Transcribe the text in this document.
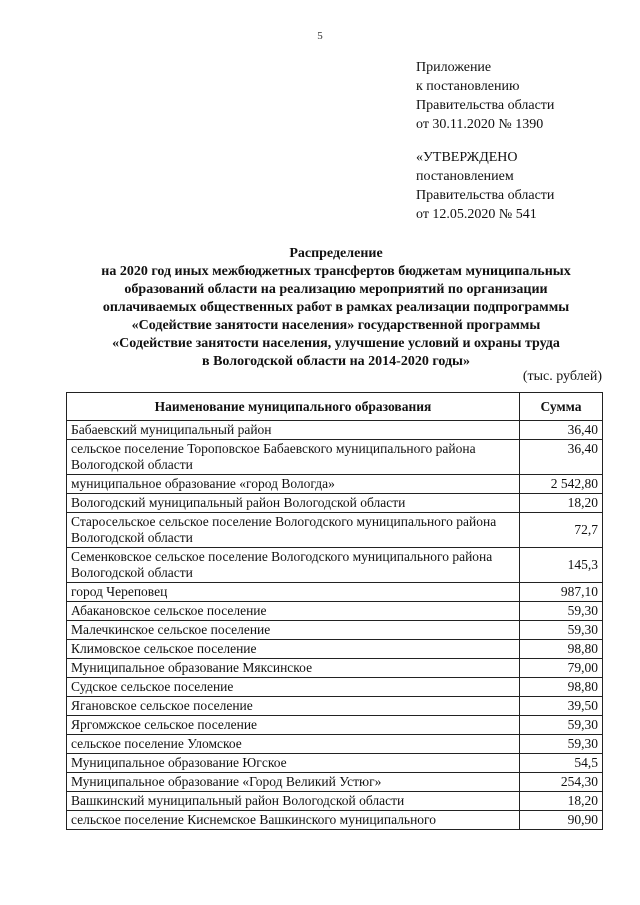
5
Приложение
к постановлению
Правительства области
от 30.11.2020 № 1390
«УТВЕРЖДЕНО
постановлением
Правительства области
от 12.05.2020 № 541
Распределение
на 2020 год иных межбюджетных трансфертов бюджетам муниципальных
образований области на реализацию мероприятий по организации
оплачиваемых общественных работ в рамках реализации подпрограммы
«Содействие занятости населения» государственной программы
«Содействие занятости населения, улучшение условий и охраны труда
в Вологодской области на 2014-2020 годы»
(тыс. рублей)
Наименование муниципального образования	Сумма
Бабаевский муниципальный район	36,40
сельское поселение Тороповское Бабаевского муниципального района Вологодской области	36,40
муниципальное образование «город Вологда»	2 542,80
Вологодский муниципальный район Вологодской области	18,20
Старосельское сельское поселение Вологодского муниципального района Вологодской области	72,7
Семенковское сельское поселение Вологодского муниципального района Вологодской области	145,3
город Череповец	987,10
Абакановское сельское поселение	59,30
Малечкинское сельское поселение	59,30
Климовское сельское поселение	98,80
Муниципальное образование Мяксинское	79,00
Судское сельское поселение	98,80
Ягановское сельское поселение	39,50
Яргомжское сельское поселение	59,30
сельское поселение Уломское	59,30
Муниципальное образование Югское	54,5
Муниципальное образование «Город Великий Устюг»	254,30
Вашкинский муниципальный район Вологодской области	18,20
сельское поселение Киснемское Вашкинского муниципального	90,90
